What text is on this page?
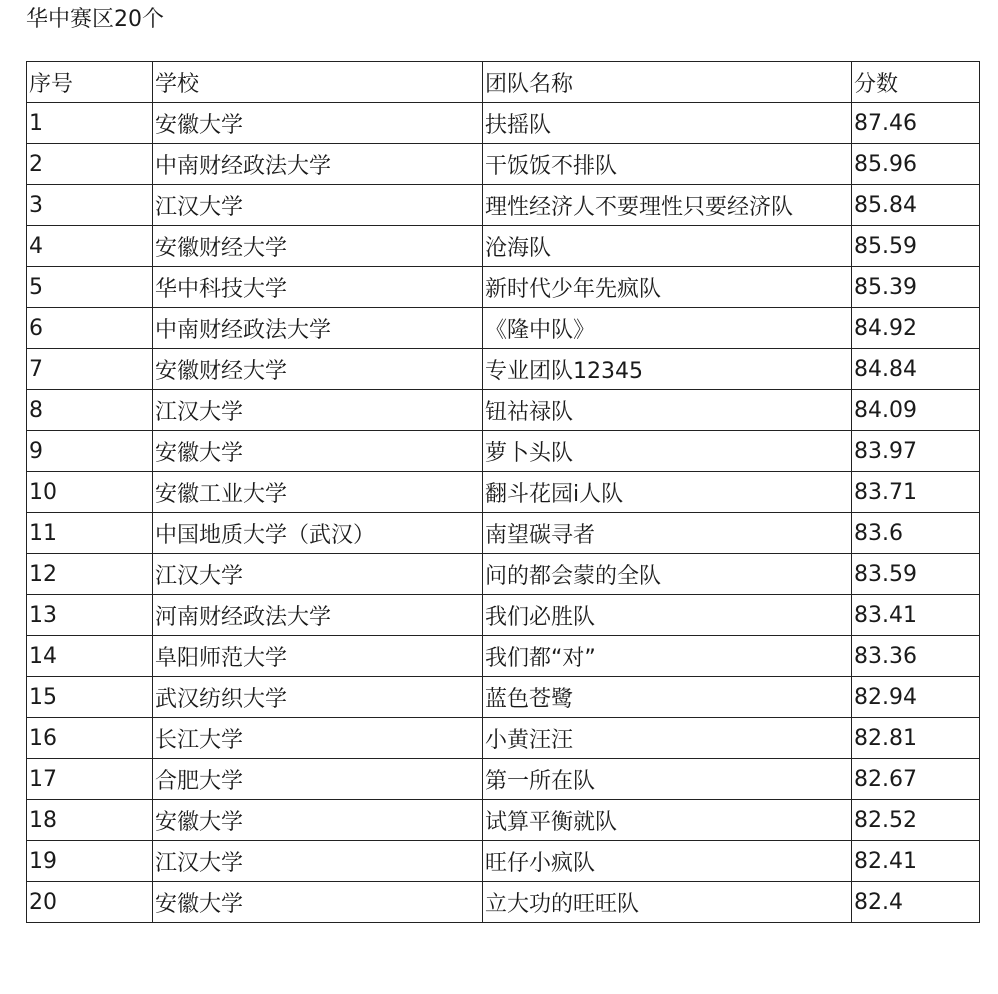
华中赛区20个
序号	学校	团队名称	分数
1	安徽大学	扶摇队	87.46
2	中南财经政法大学	干饭饭不排队	85.96
3	江汉大学	理性经济人不要理性只要经济队	85.84
4	安徽财经大学	沧海队	85.59
5	华中科技大学	新时代少年先疯队	85.39
6	中南财经政法大学	《隆中队》	84.92
7	安徽财经大学	专业团队12345	84.84
8	江汉大学	钮祜禄队	84.09
9	安徽大学	萝卜头队	83.97
10	安徽工业大学	翻斗花园i人队	83.71
11	中国地质大学（武汉）	南望碳寻者	83.6
12	江汉大学	问的都会蒙的全队	83.59
13	河南财经政法大学	我们必胜队	83.41
14	阜阳师范大学	我们都“对”	83.36
15	武汉纺织大学	蓝色苍鹭	82.94
16	长江大学	小黄汪汪	82.81
17	合肥大学	第一所在队	82.67
18	安徽大学	试算平衡就队	82.52
19	江汉大学	旺仔小疯队	82.41
20	安徽大学	立大功的旺旺队	82.4
